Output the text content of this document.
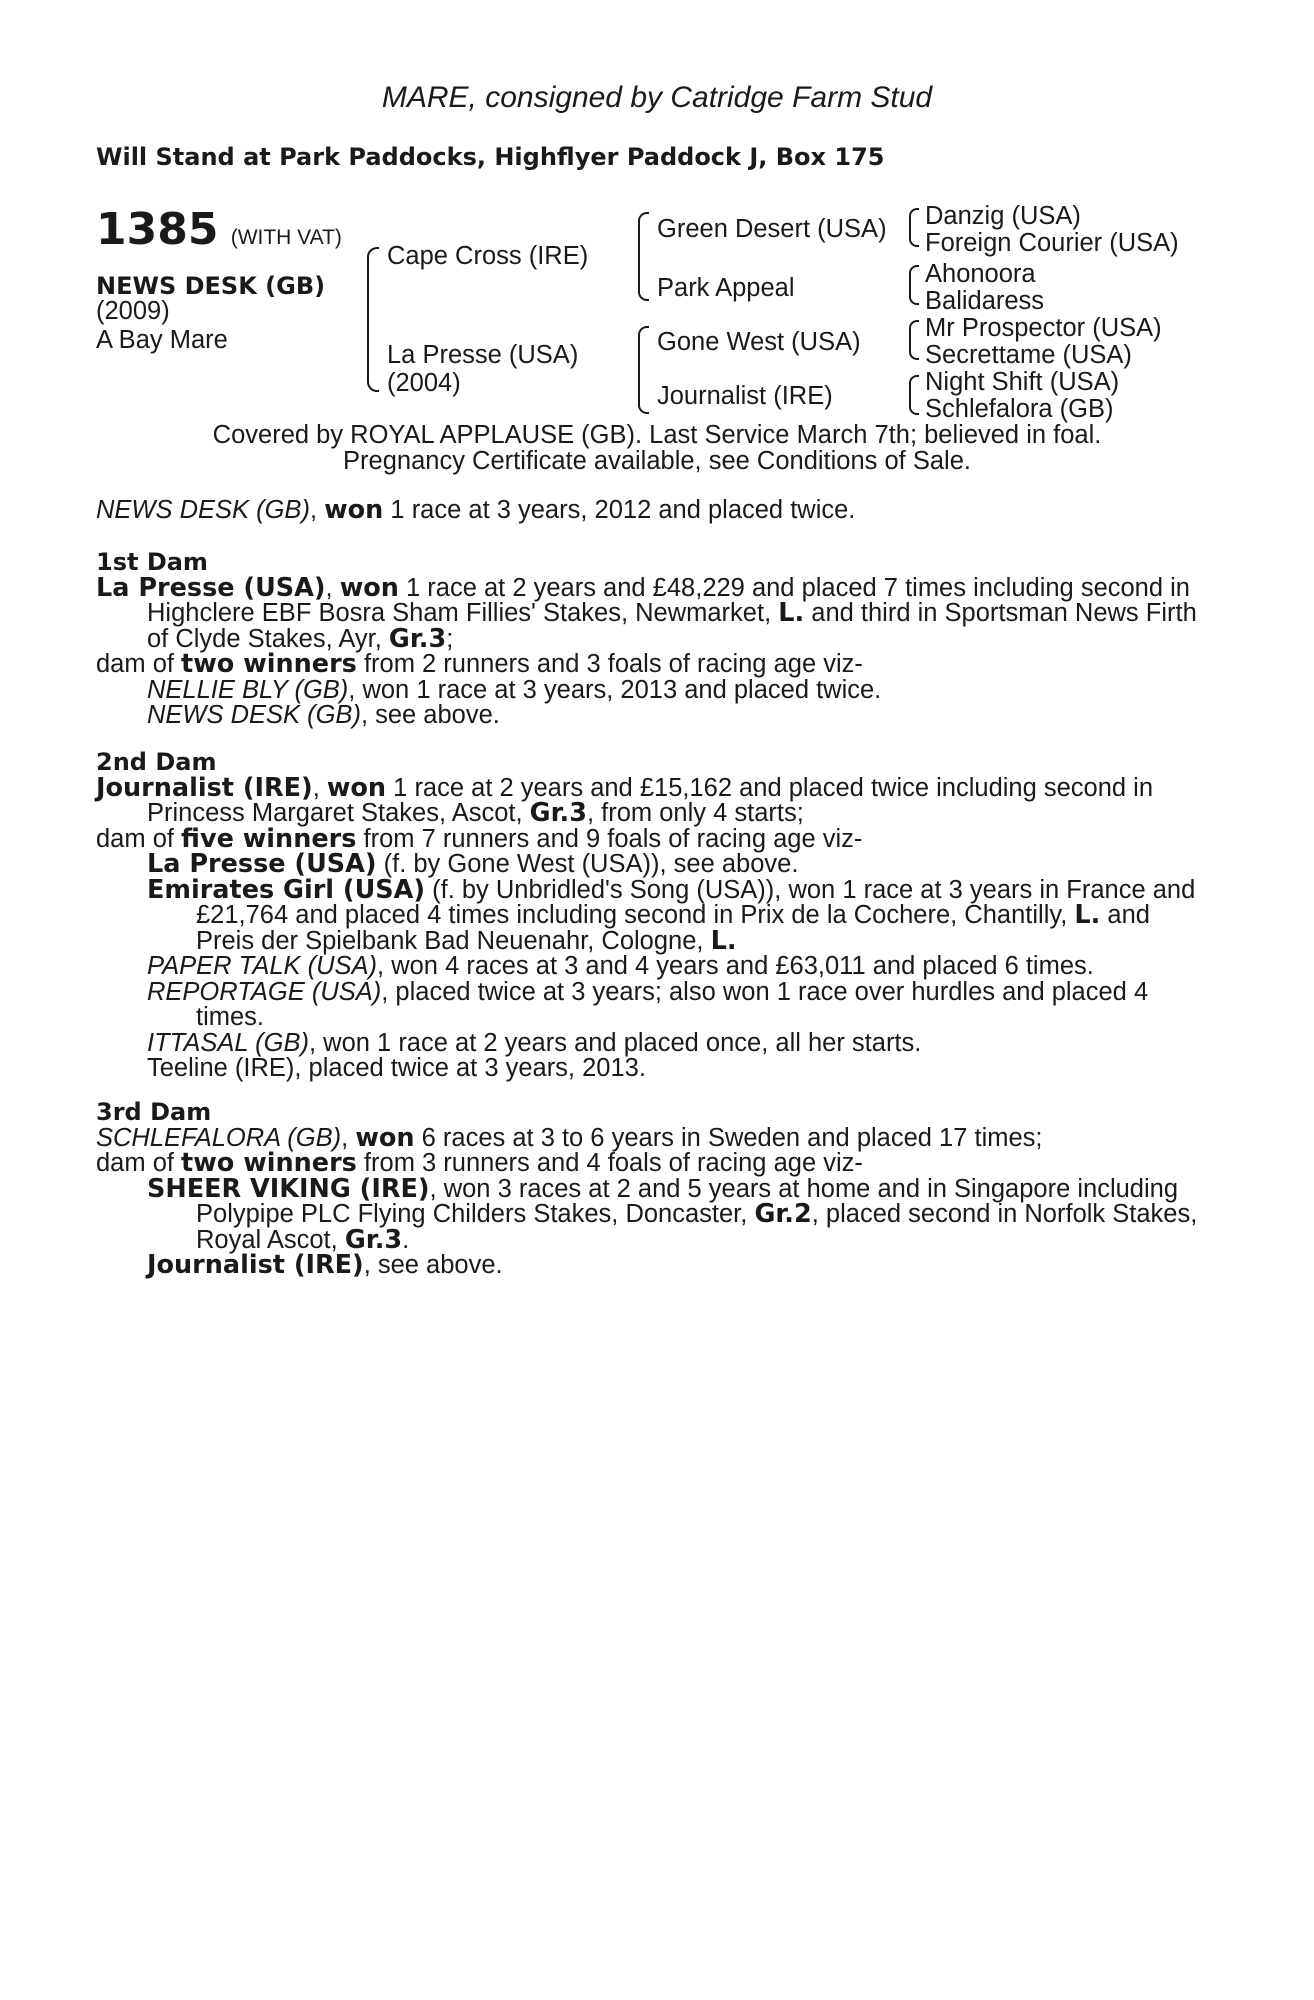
MARE, consigned by Catridge Farm Stud
Will Stand at Park Paddocks, Highflyer Paddock J, Box 175
1385 (WITH VAT)
NEWS DESK (GB)
(2009)
A Bay Mare
Cape Cross (IRE)
La Presse (USA)
(2004)
Green Desert (USA)
Park Appeal
Gone West (USA)
Journalist (IRE)
Danzig (USA)
Foreign Courier (USA)
Ahonoora
Balidaress
Mr Prospector (USA)
Secrettame (USA)
Night Shift (USA)
Schlefalora (GB)
Covered by ROYAL APPLAUSE (GB). Last Service March 7th; believed in foal.
Pregnancy Certificate available, see Conditions of Sale.
NEWS DESK (GB), won 1 race at 3 years, 2012 and placed twice.
1st Dam
La Presse (USA), won 1 race at 2 years and £48,229 and placed 7 times including second in
Highclere EBF Bosra Sham Fillies' Stakes, Newmarket, L. and third in Sportsman News Firth
of Clyde Stakes, Ayr, Gr.3;
dam of two winners from 2 runners and 3 foals of racing age viz-
NELLIE BLY (GB), won 1 race at 3 years, 2013 and placed twice.
NEWS DESK (GB), see above.
2nd Dam
Journalist (IRE), won 1 race at 2 years and £15,162 and placed twice including second in
Princess Margaret Stakes, Ascot, Gr.3, from only 4 starts;
dam of five winners from 7 runners and 9 foals of racing age viz-
La Presse (USA) (f. by Gone West (USA)), see above.
Emirates Girl (USA) (f. by Unbridled's Song (USA)), won 1 race at 3 years in France and
£21,764 and placed 4 times including second in Prix de la Cochere, Chantilly, L. and
Preis der Spielbank Bad Neuenahr, Cologne, L.
PAPER TALK (USA), won 4 races at 3 and 4 years and £63,011 and placed 6 times.
REPORTAGE (USA), placed twice at 3 years; also won 1 race over hurdles and placed 4
times.
ITTASAL (GB), won 1 race at 2 years and placed once, all her starts.
Teeline (IRE), placed twice at 3 years, 2013.
3rd Dam
SCHLEFALORA (GB), won 6 races at 3 to 6 years in Sweden and placed 17 times;
dam of two winners from 3 runners and 4 foals of racing age viz-
SHEER VIKING (IRE), won 3 races at 2 and 5 years at home and in Singapore including
Polypipe PLC Flying Childers Stakes, Doncaster, Gr.2, placed second in Norfolk Stakes,
Royal Ascot, Gr.3.
Journalist (IRE), see above.
